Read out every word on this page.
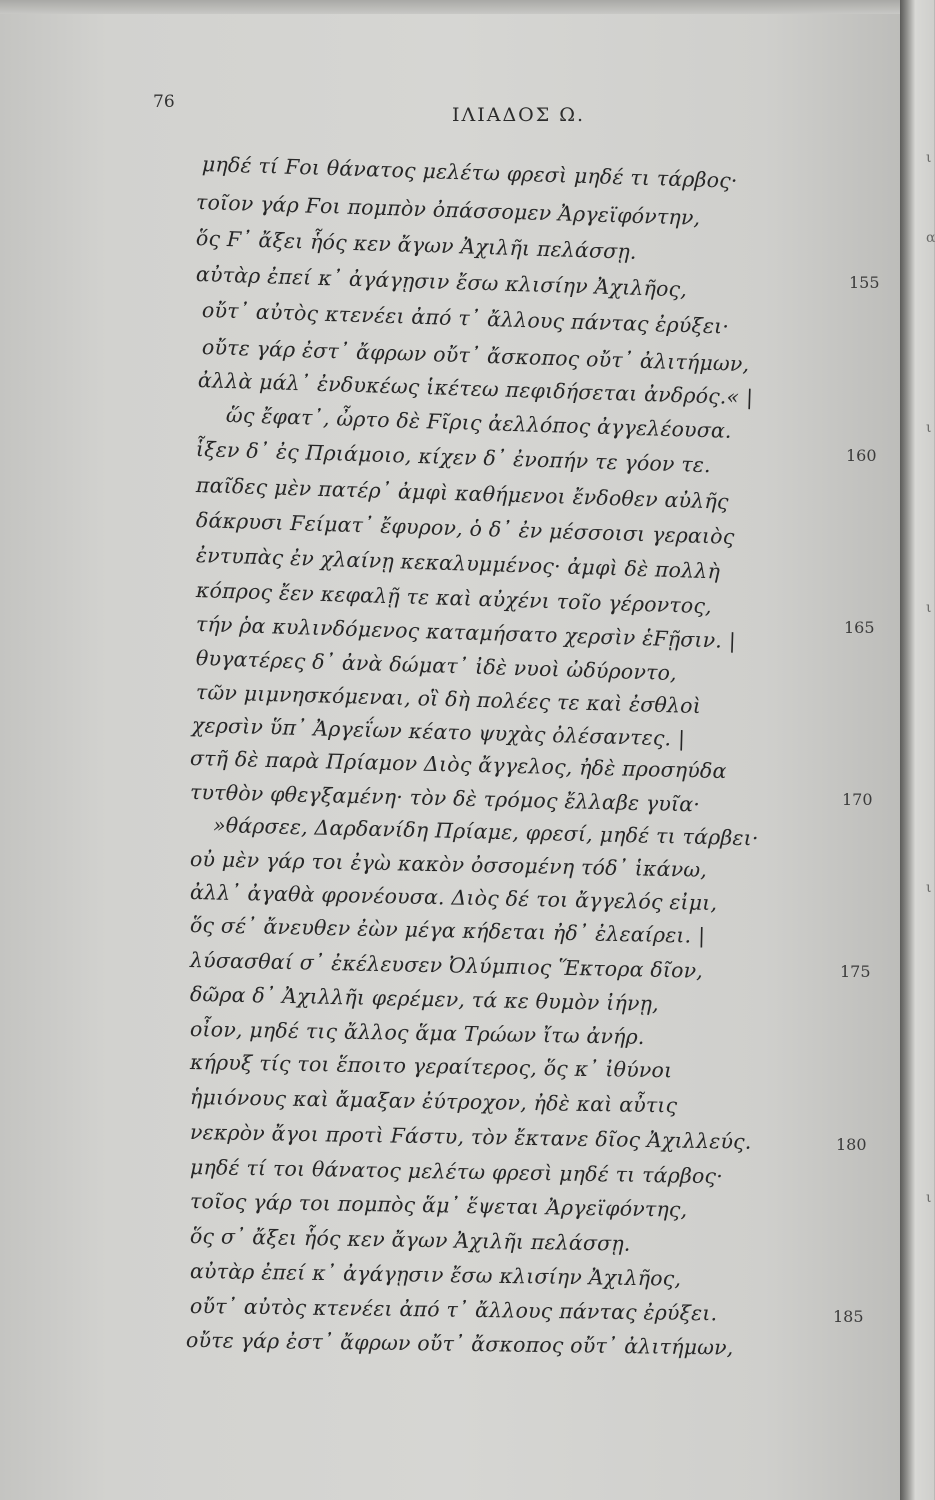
76
ΙΛΙΑΔΟΣ Ω.
μηδέ τί Ϝοι θάνατος μελέτω φρεσὶ μηδέ τι τάρβος·
τοῖον γάρ Ϝοι πομπὸν ὀπάσσομεν Ἀργεϊφόντην,
ὅς Ϝ᾽ ἄξει ἧός κεν ἄγων Ἀχιλῆι πελάσσῃ.
αὐτὰρ ἐπεί κ᾽ ἀγάγῃσιν ἔσω κλισίην Ἀχιλῆος,
οὔτ᾽ αὐτὸς κτενέει ἀπό τ᾽ ἄλλους πάντας ἐρύξει·
οὔτε γάρ ἐστ᾽ ἄφρων οὔτ᾽ ἄσκοπος οὔτ᾽ ἀλιτήμων,
ἀλλὰ μάλ᾽ ἐνδυκέως ἱκέτεω πεφιδήσεται ἀνδρός.« |
ὥς ἔφατ᾽, ὦρτο δὲ Ϝῖρις ἀελλόπος ἀγγελέουσα.
ἷξεν δ᾽ ἐς Πριάμοιο, κίχεν δ᾽ ἐνοπήν τε γόον τε.
παῖδες μὲν πατέρ᾽ ἀμφὶ καθήμενοι ἔνδοθεν αὐλῆς
δάκρυσι Ϝείματ᾽ ἔφυρον, ὁ δ᾽ ἐν μέσσοισι γεραιὸς
ἐντυπὰς ἐν χλαίνῃ κεκαλυμμένος· ἀμφὶ δὲ πολλὴ
κόπρος ἔεν κεφαλῇ τε καὶ αὐχένι τοῖο γέροντος,
τήν ῥα κυλινδόμενος καταμήσατο χερσὶν ἑϜῇσιν. |
θυγατέρες δ᾽ ἀνὰ δώματ᾽ ἰδὲ νυοὶ ὠδύροντο,
τῶν μιμνησκόμεναι, οἳ δὴ πολέες τε καὶ ἐσθλοὶ
χερσὶν ὕπ᾽ Ἀργεΐων κέατο ψυχὰς ὀλέσαντες. |
στῆ δὲ παρὰ Πρίαμον Διὸς ἄγγελος, ἠδὲ προσηύδα
τυτθὸν φθεγξαμένη· τὸν δὲ τρόμος ἔλλαβε γυῖα·
»θάρσεε, Δαρδανίδη Πρίαμε, φρεσί, μηδέ τι τάρβει·
οὐ μὲν γάρ τοι ἐγὼ κακὸν ὀσσομένη τόδ᾽ ἱκάνω,
ἀλλ᾽ ἀγαθὰ φρονέουσα. Διὸς δέ τοι ἄγγελός εἰμι,
ὅς σέ᾽ ἄνευθεν ἐὼν μέγα κήδεται ἠδ᾽ ἐλεαίρει. |
λύσασθαί σ᾽ ἐκέλευσεν Ὀλύμπιος Ἕκτορα δῖον,
δῶρα δ᾽ Ἀχιλλῆι φερέμεν, τά κε θυμὸν ἰήνῃ,
οἶον, μηδέ τις ἄλλος ἅμα Τρώων ἴτω ἀνήρ.
κήρυξ τίς τοι ἕποιτο γεραίτερος, ὅς κ᾽ ἰθύνοι
ἡμιόνους καὶ ἄμαξαν ἐύτροχον, ἠδὲ καὶ αὖτις
νεκρὸν ἄγοι προτὶ Ϝάστυ, τὸν ἔκτανε δῖος Ἀχιλλεύς.
μηδέ τί τοι θάνατος μελέτω φρεσὶ μηδέ τι τάρβος·
τοῖος γάρ τοι πομπὸς ἅμ᾽ ἕψεται Ἀργεϊφόντης,
ὅς σ᾽ ἄξει ἧός κεν ἄγων Ἀχιλῆι πελάσσῃ.
αὐτὰρ ἐπεί κ᾽ ἀγάγῃσιν ἔσω κλισίην Ἀχιλῆος,
οὔτ᾽ αὐτὸς κτενέει ἀπό τ᾽ ἄλλους πάντας ἐρύξει.
οὔτε γάρ ἐστ᾽ ἄφρων οὔτ᾽ ἄσκοπος οὔτ᾽ ἀλιτήμων,
155
160
165
170
175
180
185
ι
α
ι
ι
ι
ι
